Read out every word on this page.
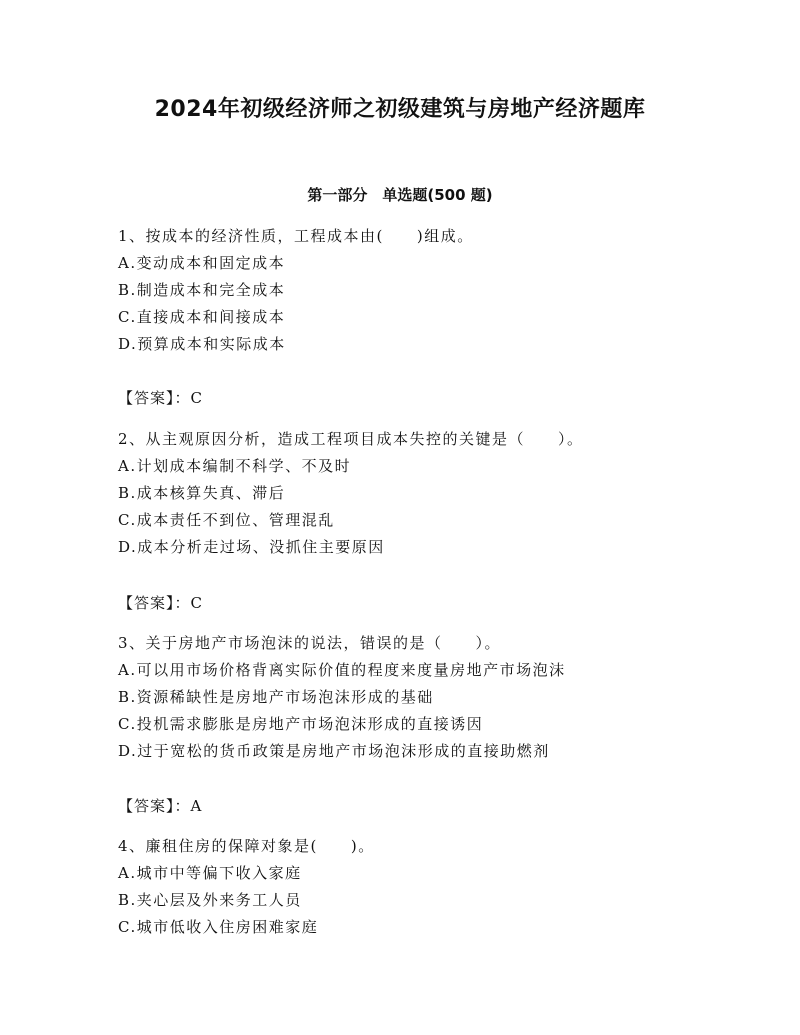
2024年初级经济师之初级建筑与房地产经济题库
第一部分　单选题(500 题)
1、按成本的经济性质，工程成本由(　　)组成。
A.变动成本和固定成本
B.制造成本和完全成本
C.直接成本和间接成本
D.预算成本和实际成本
【答案】：C
2、从主观原因分析，造成工程项目成本失控的关键是（　　）。
A.计划成本编制不科学、不及时
B.成本核算失真、滞后
C.成本责任不到位、管理混乱
D.成本分析走过场、没抓住主要原因
【答案】：C
3、关于房地产市场泡沫的说法，错误的是（　　）。
A.可以用市场价格背离实际价值的程度来度量房地产市场泡沫
B.资源稀缺性是房地产市场泡沫形成的基础
C.投机需求膨胀是房地产市场泡沫形成的直接诱因
D.过于宽松的货币政策是房地产市场泡沫形成的直接助燃剂
【答案】：A
4、廉租住房的保障对象是(　　)。
A.城市中等偏下收入家庭
B.夹心层及外来务工人员
C.城市低收入住房困难家庭
